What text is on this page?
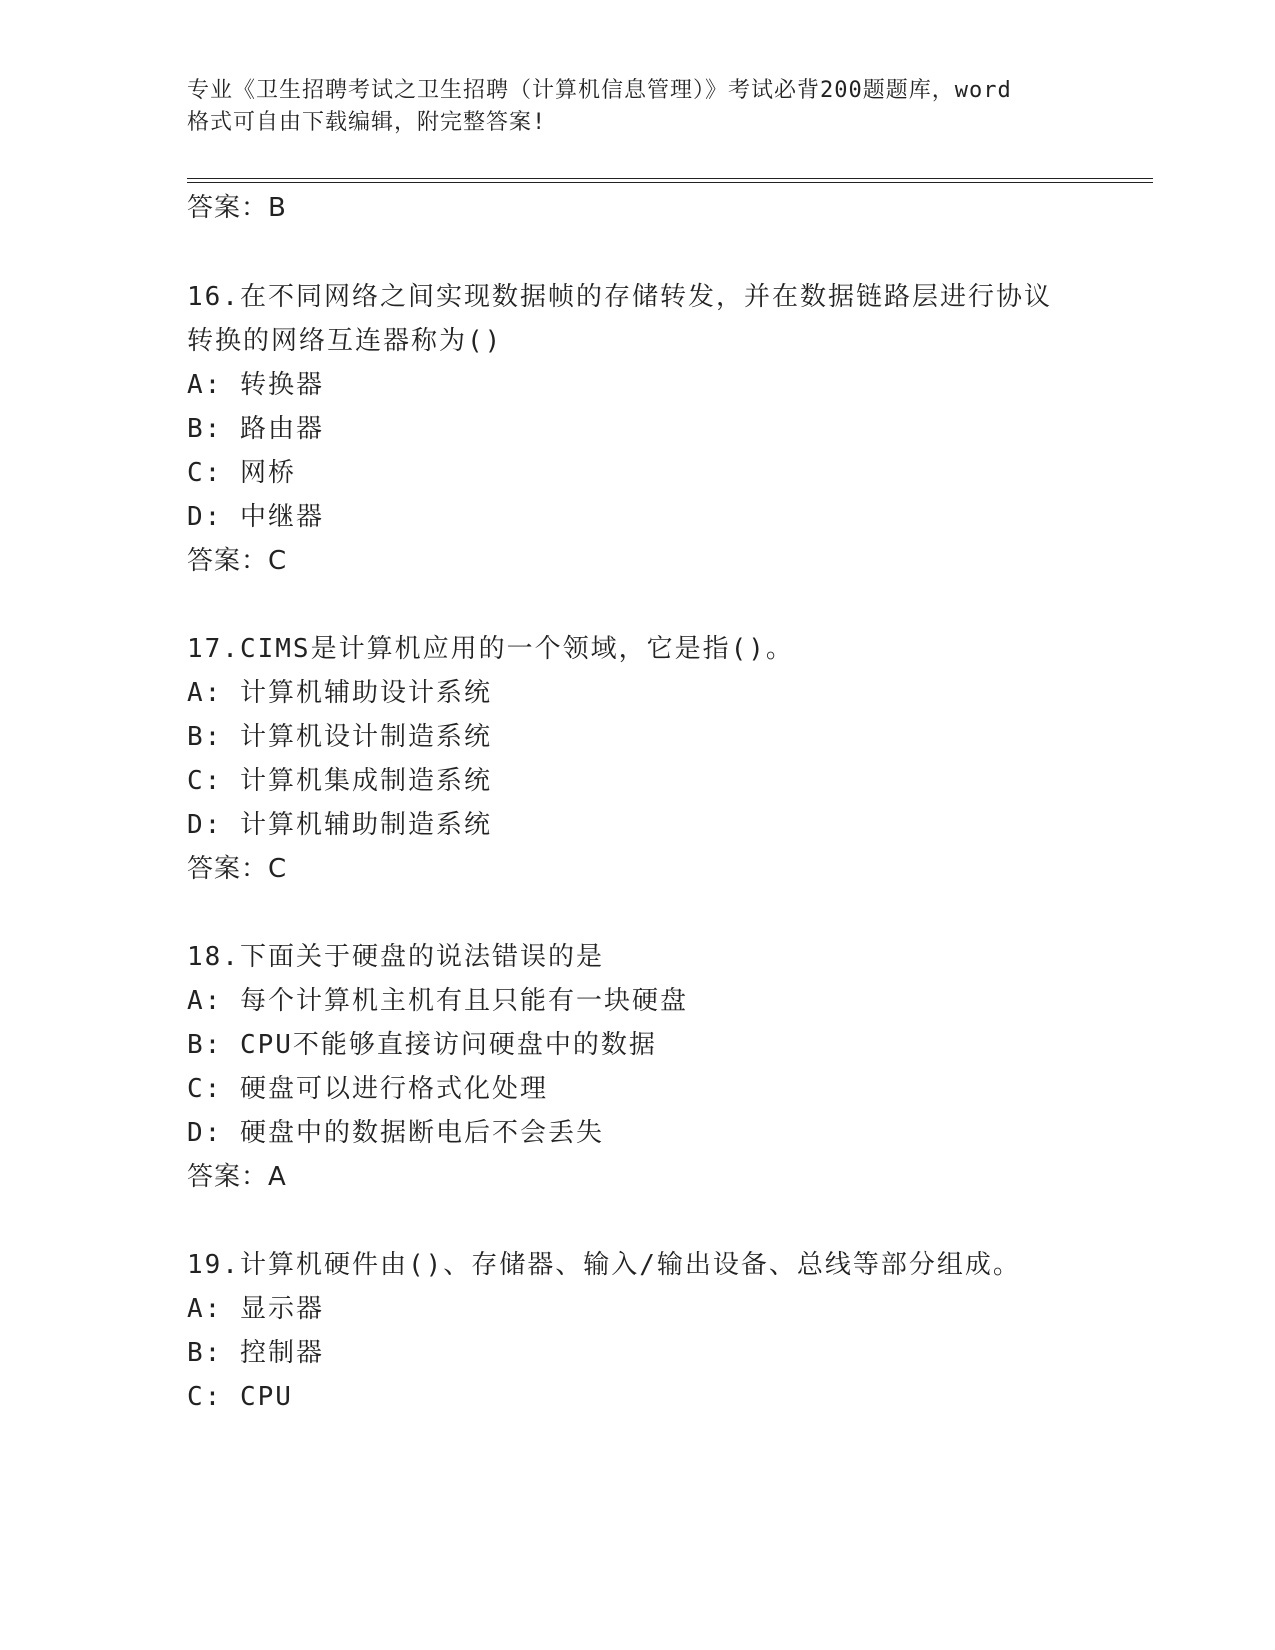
专业《卫生招聘考试之卫生招聘（计算机信息管理）》考试必背200题题库，word
格式可自由下载编辑，附完整答案!
答案：B
16.在不同网络之间实现数据帧的存储转发，并在数据链路层进行协议
转换的网络互连器称为()
A: 转换器
B: 路由器
C: 网桥
D: 中继器
答案：C
17.CIMS是计算机应用的一个领域，它是指()。
A: 计算机辅助设计系统
B: 计算机设计制造系统
C: 计算机集成制造系统
D: 计算机辅助制造系统
答案：C
18.下面关于硬盘的说法错误的是
A: 每个计算机主机有且只能有一块硬盘
B: CPU不能够直接访问硬盘中的数据
C: 硬盘可以进行格式化处理
D: 硬盘中的数据断电后不会丢失
答案：A
19.计算机硬件由()、存储器、输入/输出设备、总线等部分组成。
A: 显示器
B: 控制器
C: CPU
